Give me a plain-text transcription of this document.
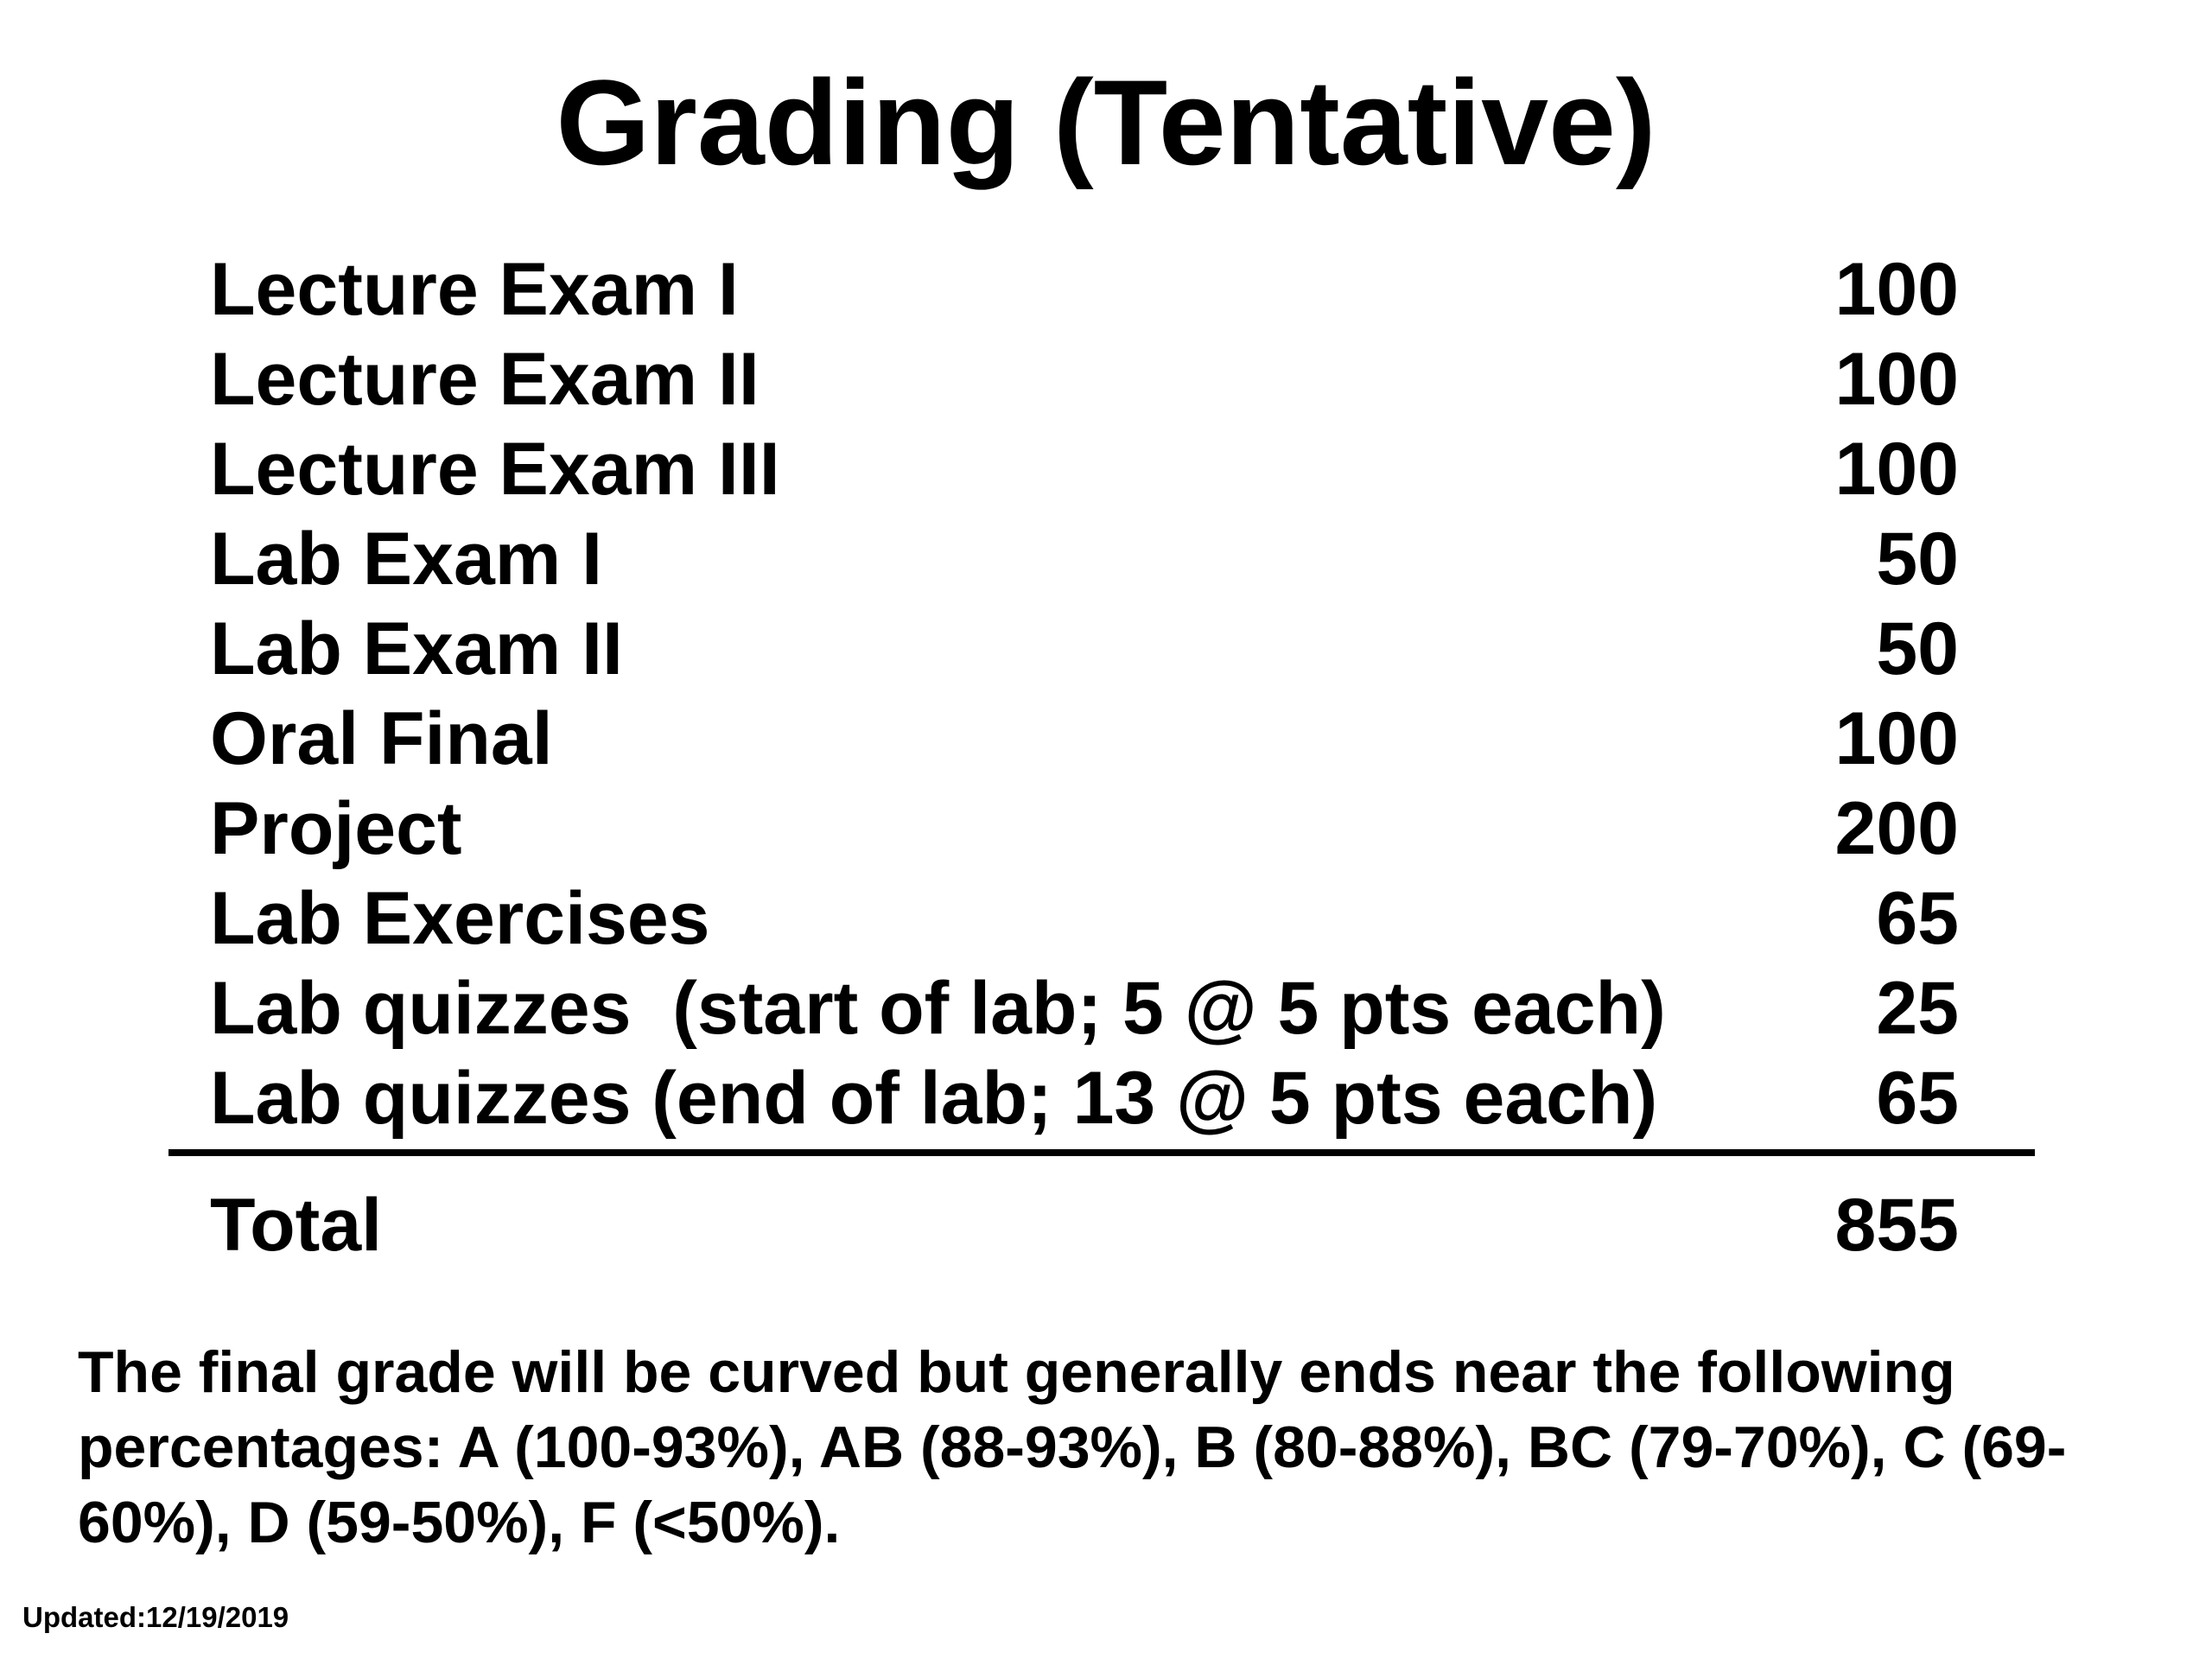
Grading (Tentative)
Lecture Exam I	100
Lecture Exam II	100
Lecture Exam III	100
Lab Exam I	50
Lab Exam II	50
Oral Final	100
Project	200
Lab Exercises	65
Lab quizzes  (start of lab; 5 @ 5 pts each)	25
Lab quizzes (end of lab; 13 @ 5 pts each)	65
Total	855
The final grade will be curved but generally ends near the following percentages: A (100-93%), AB (88-93%), B (80-88%), BC (79-70%), C (69-60%), D (59-50%), F (<50%).
Updated:12/19/2019
